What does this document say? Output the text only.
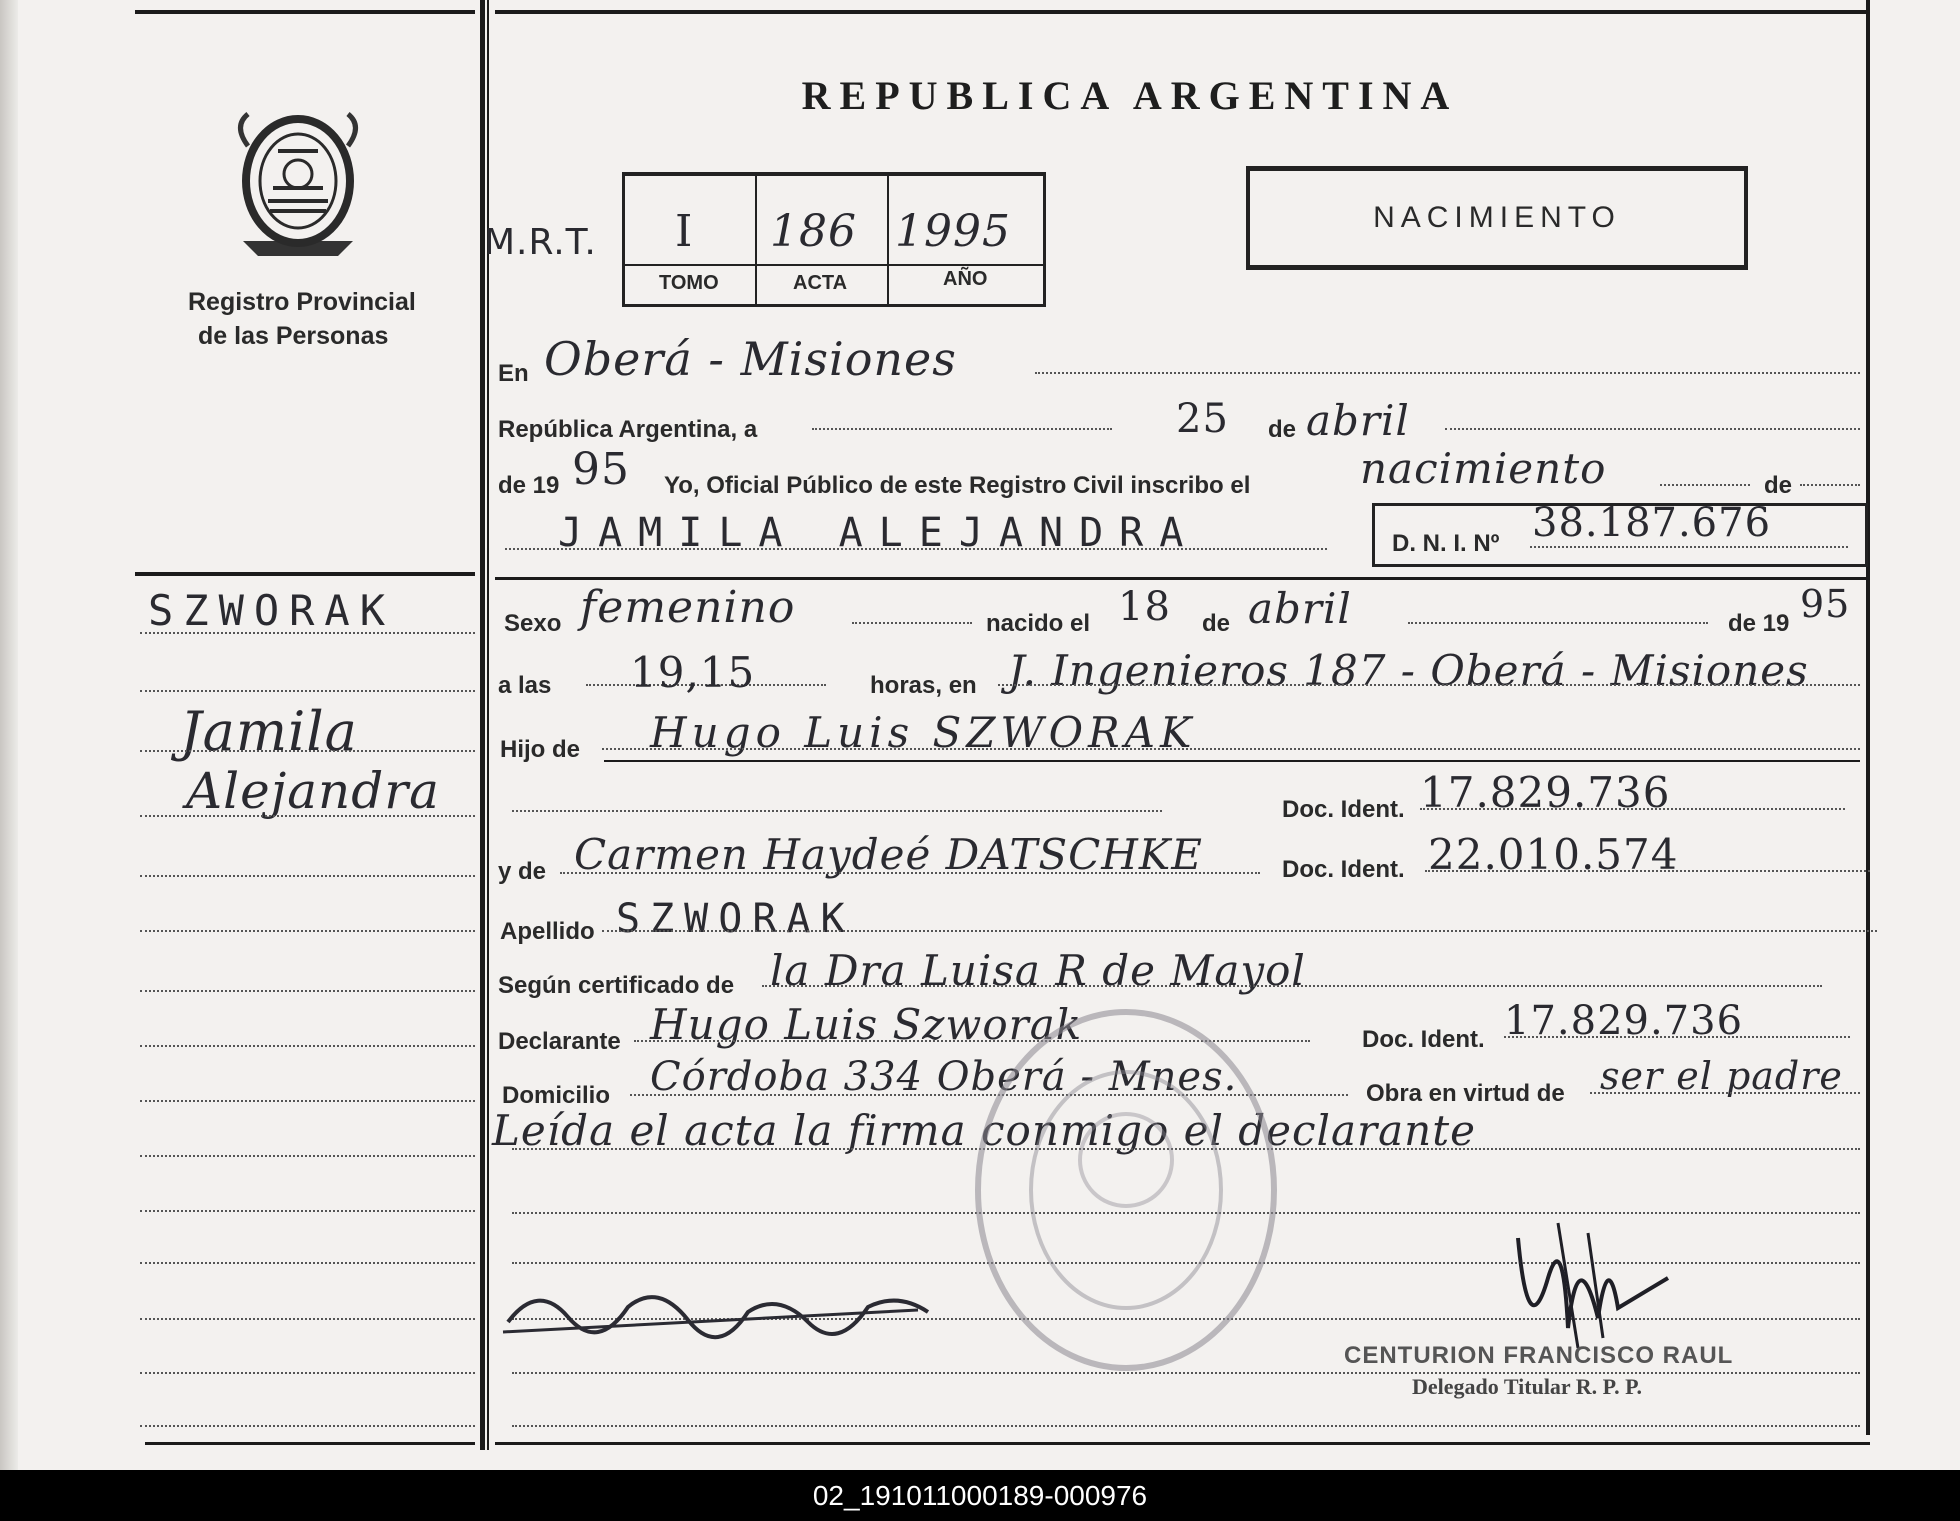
REPUBLICA ARGENTINA
Registro Provincial
de las Personas
M.R.T. I 186 1995
TOMO	ACTA	AÑO
NACIMIENTO
SZWORAK
Jamila
Alejandra
En Oberá - Misiones
República Argentina, a	25 de abril
de 19 95 Yo, Oficial Público de este Registro Civil inscribo el	nacimiento	de
JAMILA ALEJANDRA	D. N. I. Nº 38.187.676
Sexo femenino	nacido el 18 de abril	de 19 95
a las 19,15	horas, en J. Ingenieros 187 - Oberá - Misiones
Hijo de Hugo Luis SZWORAK
Doc. Ident. 17.829.736
y de Carmen Haydeé DATSCHKE	Doc. Ident. 22.010.574
Apellido SZWORAK
Según certificado de la Dra Luisa R de Mayol
Declarante Hugo Luis Szworak	Doc. Ident. 17.829.736
Domicilio Córdoba 334 Oberá - Mnes.	Obra en virtud de ser el padre
Leída el acta la firma conmigo el declarante
CENTURION FRANCISCO RAUL
Delegado Titular R. P. P.
02_191011000189-000976
